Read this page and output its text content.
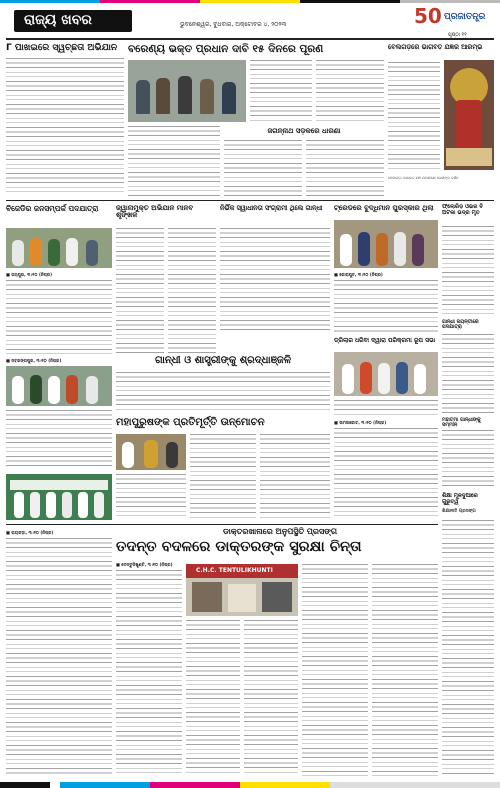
ରାଜ୍ୟ ଖବର	ଭୁବନେଶ୍ୱର, ବୁଧବାର, ଅକ୍ଟୋବର ୪, ୨୦୨୩	50 ପ୍ରଜାତନ୍ତ୍ର
ପୃଷ୍ଠା ୧୧
Γ ପାଖଇରେ ସ୍ୱଚ୍ଛତା ଅଭିଯାନ	ବରେଣ୍ୟ ଭକ୍ତ ପ୍ରଧାନ ଦାବି ୧୫ ଦିନରେ ପୂରଣ
ଜଗନ୍ନାଥ ସଡ଼କରେ ଧାରଣା
ବେଲଗଡ଼ରେ ଭାଗବତ ଯଜ୍ଞର ଆରମ୍ଭ
ବେଲଗଡ଼: ଭାଗବତ ଯଜ୍ଞ ଉପଲକ୍ଷେ ଦେବୀଙ୍କ ଦର୍ଶନ
ବିଜେଡିର ଜନସମ୍ପର୍କ ପଦଯାତ୍ରା
■ ଜୟପୁର, ୩।୧୦ (ନିପ୍ର)
ଜ୍ୱାନାମୁକ୍ତ ଅଭିଯାନ ମାନବ ଶୃଙ୍ଖଳ
ନିର୍ଭିକ ସ୍ୱାଧୀନତା ସଂଗ୍ରାମୀ ଥିଲେ ଗାନ୍ଧୀ	ଟ୍ରେଡରେ ବୁଦ୍ଧିମାନ ପୁରସ୍କାର ଥିଲା
■ କୋରାପୁଟ, ୩।୧୦ (ନିପ୍ର)
ଫ୍ଲୋରିଡ଼ ଓଭର ବି ଅଟକା ଭଦ୍ର ମୃତ
ଗାନ୍ଧୀ ଜୟନ୍ତୀରେ ପଦଯାତ୍ରା
ଗାନ୍ଧୀ ଓ ଶାସ୍ତ୍ରୀଙ୍କୁ ଶ୍ରଦ୍ଧାଞ୍ଜଳି
ଡ୍ରିଲାର ଧରିବା ଦ୍ୱାରା ପରିକ୍ରମା ରୂପ ସଭା
■ ନବରଙ୍ଗପୁର, ୩।୧୦ (ନିପ୍ର)
ମହାପୁରୁଷଙ୍କ ପ୍ରତିମୂର୍ତ୍ତି ଉନ୍ମୋଚନ	■ ଉମରକୋଟ, ୩।୧୦ (ନିପ୍ର)	ମହାତ୍ମା ଗାନ୍ଧୀଙ୍କୁ ସମ୍ମାନ
■ ରାୟଗଡ଼ା, ୩।୧୦ (ନିପ୍ର)	ଡାକ୍ତରଖାନାରେ ଅନୁପସ୍ଥିତି ପ୍ରସଙ୍ଗ
ତଦନ୍ତ ବଦଳରେ ଡାକ୍ତରଙ୍କ ସୁରକ୍ଷା ଚିନ୍ତା
■ ତେନ୍ତୁଳିଖୁଣ୍ଟି, ୩।୧୦ (ନିପ୍ର)
C.H.C. TENTULIKHUNTI
ଶିକ୍ଷା ମୂଳଦୁଆରେ ଗୁରୁତ୍ୱ
ଶିକ୍ଷାନୀତି ପ୍ରସଙ୍ଗ
